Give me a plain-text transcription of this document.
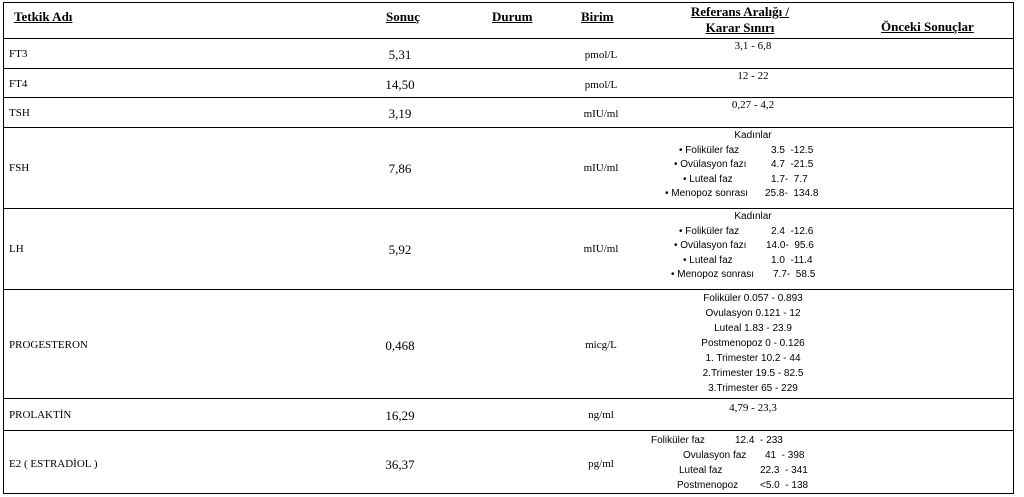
Tetkik Adı	Sonuç	Durum	Birim	Referans Aralığı /
Karar Sınırı	Önceki Sonuçlar
FT3	5,31	pmol/L
3,1 - 6,8
FT4	14,50	pmol/L
12 - 22
TSH	3,19	mIU/ml
0,27 - 4,2
FSH	7,86	mIU/ml
Kadınlar
• Foliküler faz	3.5  -12.5
• Ovülasyon fazı 4.7  -21.5
• Luteal faz	1.7-  7.7
• Menopoz sonrası 25.8-  134.8
LH	5,92	mIU/ml
Kadınlar
• Foliküler faz	2.4  -12.6
• Ovülasyon fazı 14.0-  95.6
• Luteal faz	1.0  -11.4
• Menopoz sonrası 7.7-  58.5
PROGESTERON	0,468	micg/L
Foliküler 0.057 - 0.893
Ovulasyon 0.121 - 12
Luteal 1.83 - 23.9
Postmenopoz 0 - 0.126
1. Trimester 10.2 - 44
2.Trimester 19.5 - 82.5
3.Trimester 65 - 229
PROLAKTİN	16,29	ng/ml
4,79 - 23,3
E2 ( ESTRADİOL )	36,37	pg/ml
Foliküler faz	12.4  - 233
Ovulasyon faz 41  - 398
Luteal faz	22.3  - 341
Postmenopoz <5.0  - 138
